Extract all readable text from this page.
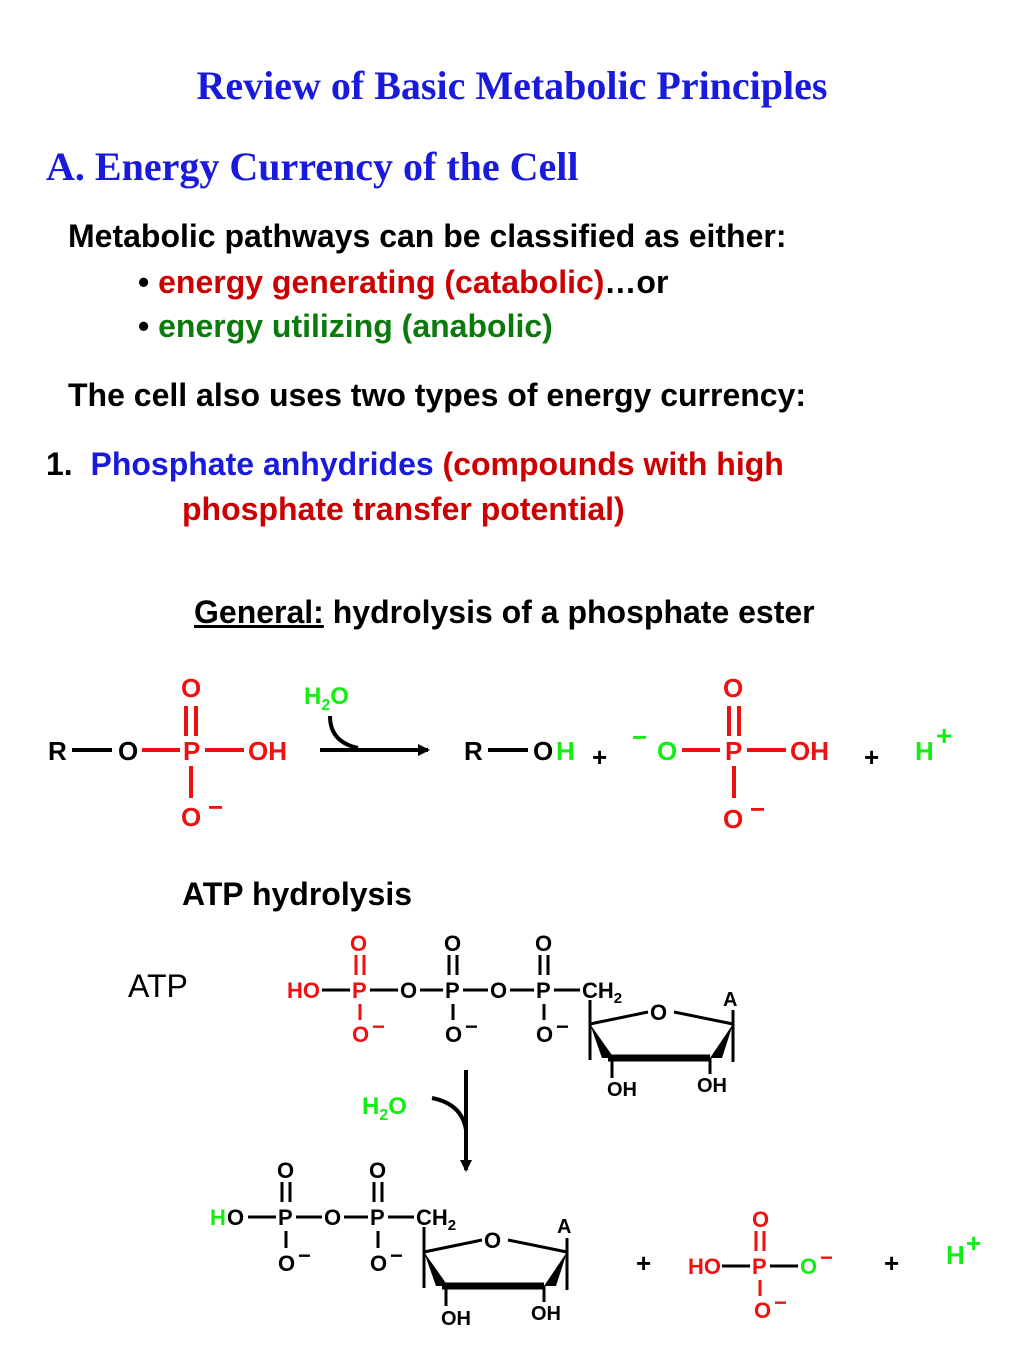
Review of Basic Metabolic Principles
A. Energy Currency of the Cell
Metabolic pathways can be classified as either:
• energy generating (catabolic)…or
• energy utilizing (anabolic)
The cell also uses two types of energy currency:
1. Phosphate anhydrides (compounds with high
phosphate transfer potential)
General: hydrolysis of a phosphate ester
ATP hydrolysis
ATP
R O P OH
O
O −
$H_2O$
R O H +
− O P OH
O
O −
+ H +
HO P O P O P $CH_2$
O	O	O
O −	O −	O −
O	A
OH	OH
$H_2O$
H O P O P $CH_2$
O	O
O −	O −
O
A
OH	OH
+ HO P O −
O
O −
+ H +
